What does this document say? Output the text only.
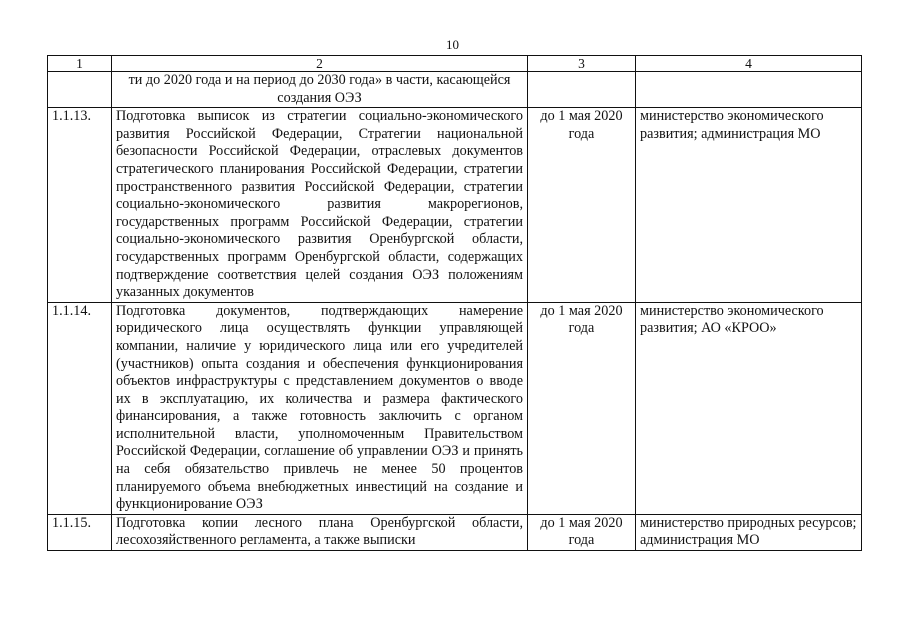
10
1	2	3	4
	ти до 2020 года и на период до 2030 года» в части, касающейся создания ОЭЗ		
1.1.13.	Подготовка выписок из стратегии социально-экономического развития Российской Федерации, Стратегии национальной безопасности Российской Федерации, отраслевых документов стратегического планирования Российской Федерации, стратегии пространственного развития Российской Федерации, стратегии социально-экономического развития макрорегионов, государственных программ Российской Федерации, стратегии социально-экономического развития Оренбургской области, государственных программ Оренбургской области, содержащих подтверждение соответствия целей создания ОЭЗ положениям указанных документов	до 1 мая 2020 года	министерство экономического развития; администрация МО
1.1.14.	Подготовка документов, подтверждающих намерение юридического лица осуществлять функции управляющей компании, наличие у юридического лица или его учредителей (участников) опыта создания и обеспечения функционирования объектов инфраструктуры с представлением документов о вводе их в эксплуатацию, их количества и размера фактического финансирования, а также готовность заключить с органом исполнительной власти, уполномоченным Правительством Российской Федерации, соглашение об управлении ОЭЗ и принять на себя обязательство привлечь не менее 50 процентов планируемого объема внебюджетных инвестиций на создание и функционирование ОЭЗ	до 1 мая 2020 года	министерство экономического развития; АО «КРОО»
1.1.15.	Подготовка копии лесного плана Оренбургской области, лесохозяйственного регламента, а также выписки	до 1 мая 2020 года	министерство природных ресурсов; администрация МО
